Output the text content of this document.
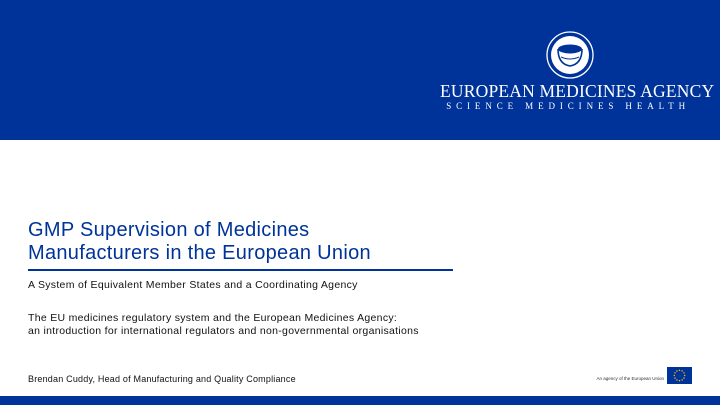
EUROPEAN MEDICINES AGENCY
SCIENCE MEDICINES HEALTH
GMP Supervision of Medicines
Manufacturers in the European Union
A System of Equivalent Member States and a Coordinating Agency
The EU medicines regulatory system and the European Medicines Agency:
an introduction for international regulators and non-governmental organisations
Brendan Cuddy, Head of Manufacturing and Quality Compliance	An agency of the European Union
